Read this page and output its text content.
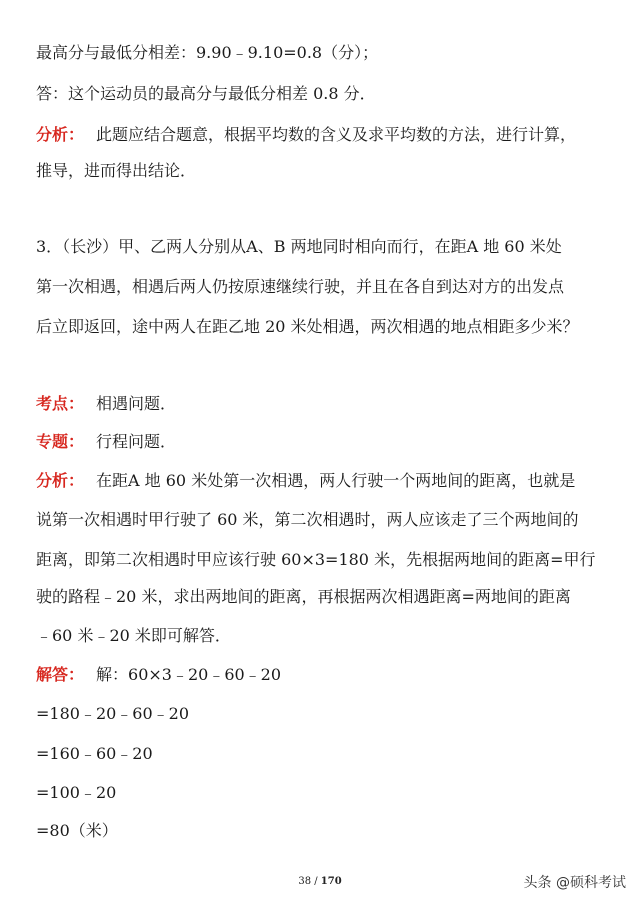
最高分与最低分相差：9.90﹣9.10=0.8（分）；
答：这个运动员的最高分与最低分相差 0.8 分．
分析： 此题应结合题意，根据平均数的含义及求平均数的方法，进行计算，
推导，进而得出结论．
3．（长沙）甲、乙两人分别从A、B 两地同时相向而行，在距A 地 60 米处
第一次相遇，相遇后两人仍按原速继续行驶，并且在各自到达对方的出发点
后立即返回，途中两人在距乙地 20 米处相遇，两次相遇的地点相距多少米？
考点： 相遇问题．
专题： 行程问题．
分析： 在距A 地 60 米处第一次相遇，两人行驶一个两地间的距离，也就是
说第一次相遇时甲行驶了 60 米，第二次相遇时，两人应该走了三个两地间的
距离，即第二次相遇时甲应该行驶 60×3=180 米，先根据两地间的距离=甲行
驶的路程﹣20 米，求出两地间的距离，再根据两次相遇距离=两地间的距离
﹣60 米﹣20 米即可解答．
解答： 解：60×3﹣20﹣60﹣20
=180﹣20﹣60﹣20
=160﹣60﹣20
=100﹣20
=80（米）
38 / 170	头条 @硕科考试
